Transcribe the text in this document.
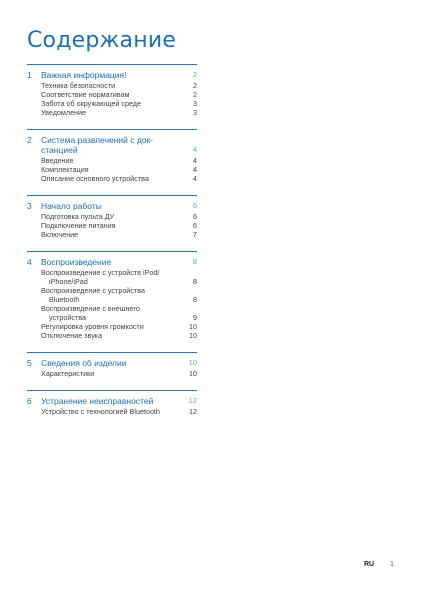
Содержание
1	Важная информация!	2
Техника безопасности	2
Соответствие нормативам	2
Забота об окружающей среде	3
Уведомление	3
2	Система развлечений с док-
станцией	4
Введение	4
Комплектация	4
Описание основного устройства	4
3	Начало работы	6
Подготовка пульта ДУ	6
Подключение питания	6
Включение	7
4	Воспроизведение	8
Воспроизведение с устройств iPod/
iPhone/iPad	8
Воспроизведение с устройства
Bluetooth	8
Воспроизведение с внешнего
устройства	9
Регулировка уровня громкости	10
Отключение звука	10
5	Сведения об изделии	10
Характеристики	10
6	Устранение неисправностей	12
Устройство с технологией Bluetooth	12
RU 1
